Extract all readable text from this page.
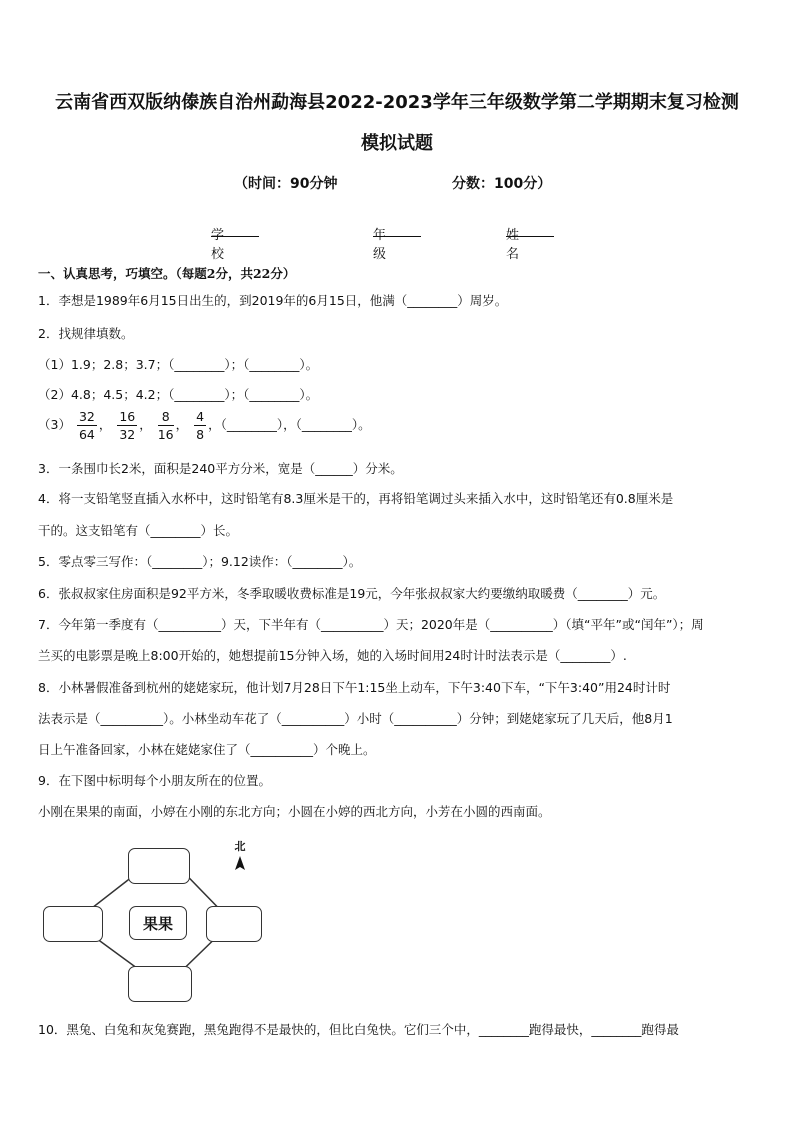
云南省西双版纳傣族自治州勐海县2022-2023学年三年级数学第二学期期末复习检测
模拟试题
（时间：90分钟	分数：100分）
学校
年级
姓名
一、认真思考，巧填空。（每题2分，共22分）
1．李想是1989年6月15日出生的，到2019年的6月15日，他满（________）周岁。
2．找规律填数。
（1）1.9；2.8；3.7；（________）；（________）。
（2）4.8；4.5；4.2；（________）；（________）。
$(3) \frac{32}{64}$ ， $\frac{16}{32}$ ， $\frac{8}{16}$ ， $\frac{4}{8}$ ，（________），（________）。
3．一条围巾长2米，面积是240平方分米，宽是（______）分米。
4．将一支铅笔竖直插入水杯中，这时铅笔有8.3厘米是干的，再将铅笔调过头来插入水中，这时铅笔还有0.8厘米是
干的。这支铅笔有（________）长。
5．零点零三写作：（________）；9.12读作：（________）。
6．张叔叔家住房面积是92平方米，冬季取暖收费标准是19元，今年张叔叔家大约要缴纳取暖费（________）元。
7．今年第一季度有（__________）天，下半年有（__________）天；2020年是（__________）（填“平年”或“闰年”）；周
兰买的电影票是晚上8:00开始的，她想提前15分钟入场，她的入场时间用24时计时法表示是（________）.
8．小林暑假准备到杭州的姥姥家玩，他计划7月28日下午1:15坐上动车，下午3:40下车，“下午3:40”用24时计时
法表示是（__________）。小林坐动车花了（__________）小时（__________）分钟；到姥姥家玩了几天后，他8月1
日上午准备回家，小林在姥姥家住了（__________）个晚上。
9．在下图中标明每个小朋友所在的位置。
小刚在果果的南面，小婷在小刚的东北方向；小圆在小婷的西北方向，小芳在小圆的西南面。
果果
北
10．黑兔、白兔和灰兔赛跑，黑兔跑得不是最快的，但比白兔快。它们三个中，________跑得最快，________跑得最
